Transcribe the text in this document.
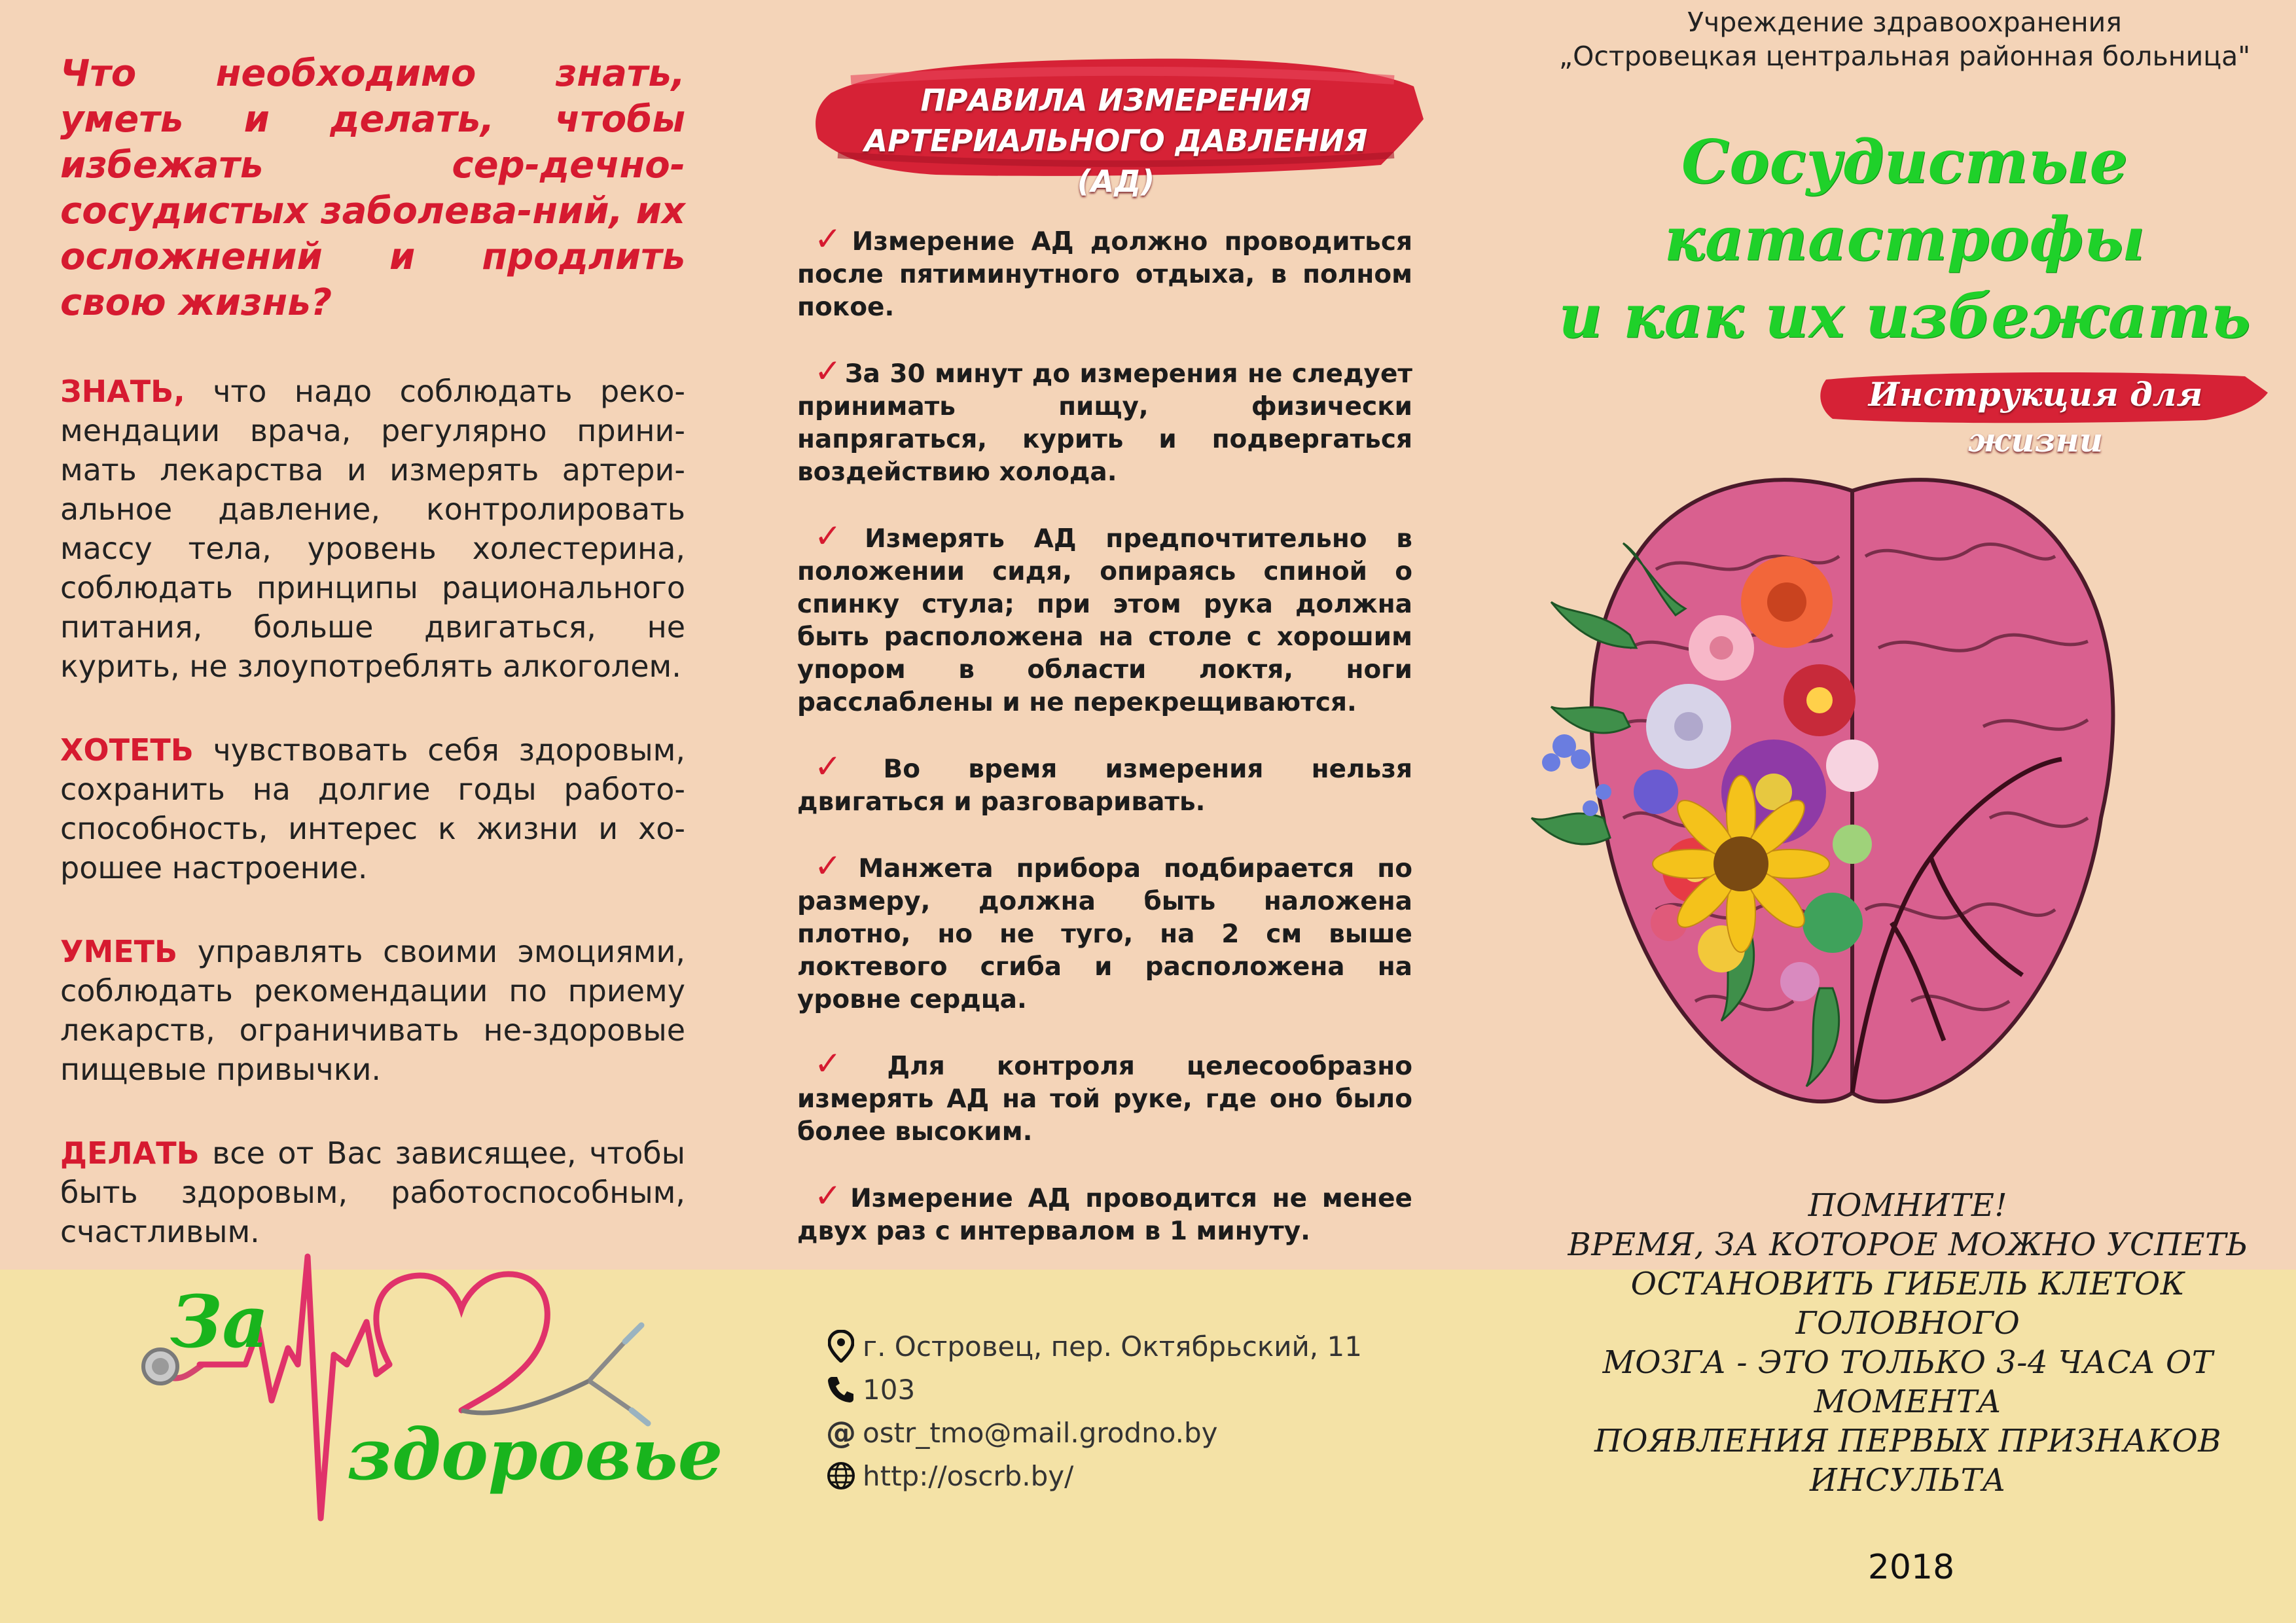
Что необходимо знать, уметь и делать, чтобы избежать сер-дечно-сосудистых заболева-ний, их осложнений и продлить свою жизнь?

ЗНАТЬ, что надо соблюдать реко-мендации врача, регулярно прини-мать лекарства и измерять артери-альное давление, контролировать массу тела, уровень холестерина, соблюдать принципы рационального питания, больше двигаться, не курить, не злоупотреблять алкоголем.

ХОТЕТЬ чувствовать себя здоровым, сохранить на долгие годы работо-способность, интерес к жизни и хо-рошее настроение.

УМЕТЬ управлять своими эмоциями, соблюдать рекомендации по приему лекарств, ограничивать не-здоровые пищевые привычки.

ДЕЛАТЬ все от Вас зависящее, чтобы быть здоровым, работоспособным, счастливым.

За
здоровье
ПРАВИЛА ИЗМЕРЕНИЯ
АРТЕРИАЛЬНОГО ДАВЛЕНИЯ (АД)

✓ Измерение АД должно проводиться после пятиминутного отдыха, в полном покое.

✓ За 30 минут до измерения не следует принимать пищу, физически напрягаться, курить и подвергаться воздействию холода.

✓ Измерять АД предпочтительно в положении сидя, опираясь спиной о спинку стула; при этом рука должна быть расположена на столе с хорошим упором в области локтя, ноги расслаблены и не перекрещиваются.

✓ Во время измерения нельзя двигаться и разговаривать.

✓ Манжета прибора подбирается по размеру, должна быть наложена плотно, но не туго, на 2 см выше локтевого сгиба и расположена на уровне сердца.

✓ Для контроля целесообразно измерять АД на той руке, где оно было более высоким.

✓ Измерение АД проводится не менее двух раз с интервалом в 1 минуту.

г. Островец, пер. Октябрьский, 11
103
@ ostr_tmo@mail.grodno.by
http://oscrb.by/
Учреждение здравоохранения
„Островецкая центральная районная больница"
Сосудистые
катастрофы
и как их избежать
Инструкция для жизни
ПОМНИТЕ!
ВРЕМЯ, ЗА КОТОРОЕ МОЖНО УСПЕТЬ
ОСТАНОВИТЬ ГИБЕЛЬ КЛЕТОК ГОЛОВНОГО
МОЗГА - ЭТО ТОЛЬКО 3-4 ЧАСА ОТ МОМЕНТА
ПОЯВЛЕНИЯ ПЕРВЫХ ПРИЗНАКОВ
ИНСУЛЬТА
2018
